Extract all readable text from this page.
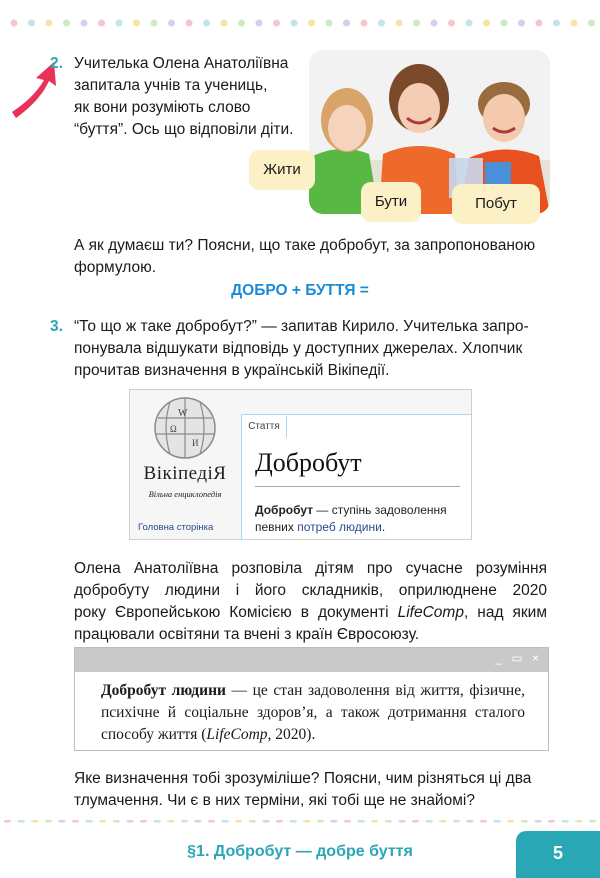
2. Учителька Олена Анатоліївна
запитала учнів та учениць,
як вони розуміють слово
“буття”. Ось що відповіли діти.
Жити
Бути	Побут
А як думаєш ти? Поясни, що таке добробут, за запропонованою
формулою.
ДОБРО + БУТТЯ =
3. “То що ж таке добробут?” — запитав Кирило. Учителька запро-
понувала відшукати відповідь у доступних джерелах. Хлопчик
прочитав визначення в українській Вікіпедії.
W
Ω
И
ВікіпедіЯ
Вільна енциклопедія
Головна сторінка
Стаття
Добробут
Добробут — ступінь задоволення
певних потреб людини.
Олена Анатоліївна розповіла дітям про сучасне розуміння
добробуту людини і його складників, оприлюднене 2020
року Європейською Комісією в документі LifeComp, над яким
працювали освітяни та вчені з країн Євросоюзу.
_ ▭ ×
Добробут людини — це стан задоволення від життя, фізичне, психічне й соціальне здоров’я, а також дотримання сталого способу життя (LifeComp, 2020).
Яке визначення тобі зрозуміліше? Поясни, чим різняться ці два
тлумачення. Чи є в них терміни, які тобі ще не знайомі?
§1. Добробут — добре буття	5
